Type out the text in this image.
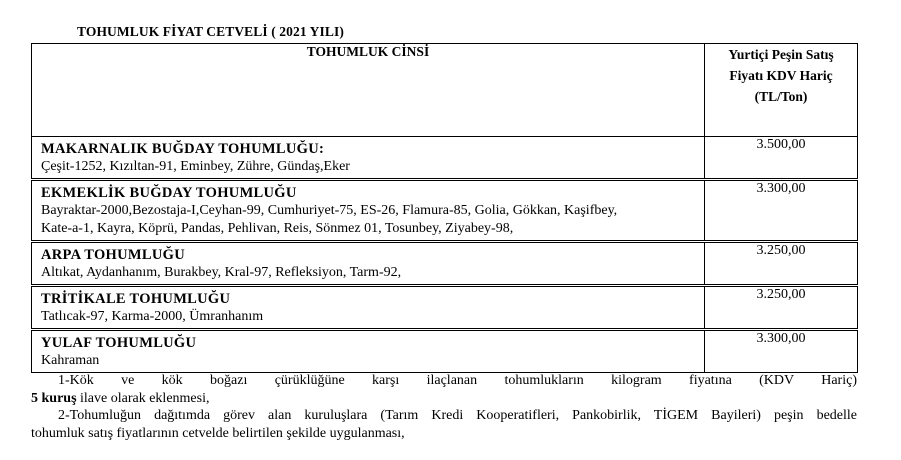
TOHUMLUK FİYAT CETVELİ ( 2021 YILI)
TOHUMLUK CİNSİ	Yurtiçi Peşin Satış
Fiyatı KDV Hariç
(TL/Ton)

MAKARNALIK BUĞDAY TOHUMLUĞU:
Çeşit-1252, Kızıltan-91, Eminbey, Zühre, Gündaş,Eker	3.500,00

EKMEKLİK BUĞDAY TOHUMLUĞU
Bayraktar-2000,Bezostaja-I,Ceyhan-99, Cumhuriyet-75, ES-26, Flamura-85, Golia, Gökkan, Kaşifbey,
Kate-a-1, Kayra, Köprü, Pandas, Pehlivan, Reis, Sönmez 01, Tosunbey, Ziyabey-98,	3.300,00

ARPA TOHUMLUĞU
Altıkat, Aydanhanım, Burakbey, Kral-97, Refleksiyon, Tarm-92,	3.250,00

TRİTİKALE TOHUMLUĞU
Tatlıcak-97, Karma-2000, Ümranhanım	3.250,00

YULAF TOHUMLUĞU
Kahraman	3.300,00
1-Kök ve kök boğazı çürüklüğüne karşı ilaçlanan tohumlukların kilogram fiyatına (KDV Hariç)
5 kuruş ilave olarak eklenmesi,
2-Tohumluğun dağıtımda görev alan kuruluşlara (Tarım Kredi Kooperatifleri, Pankobirlik, TİGEM Bayileri) peşin bedelle
tohumluk satış fiyatlarının cetvelde belirtilen şekilde uygulanması,
